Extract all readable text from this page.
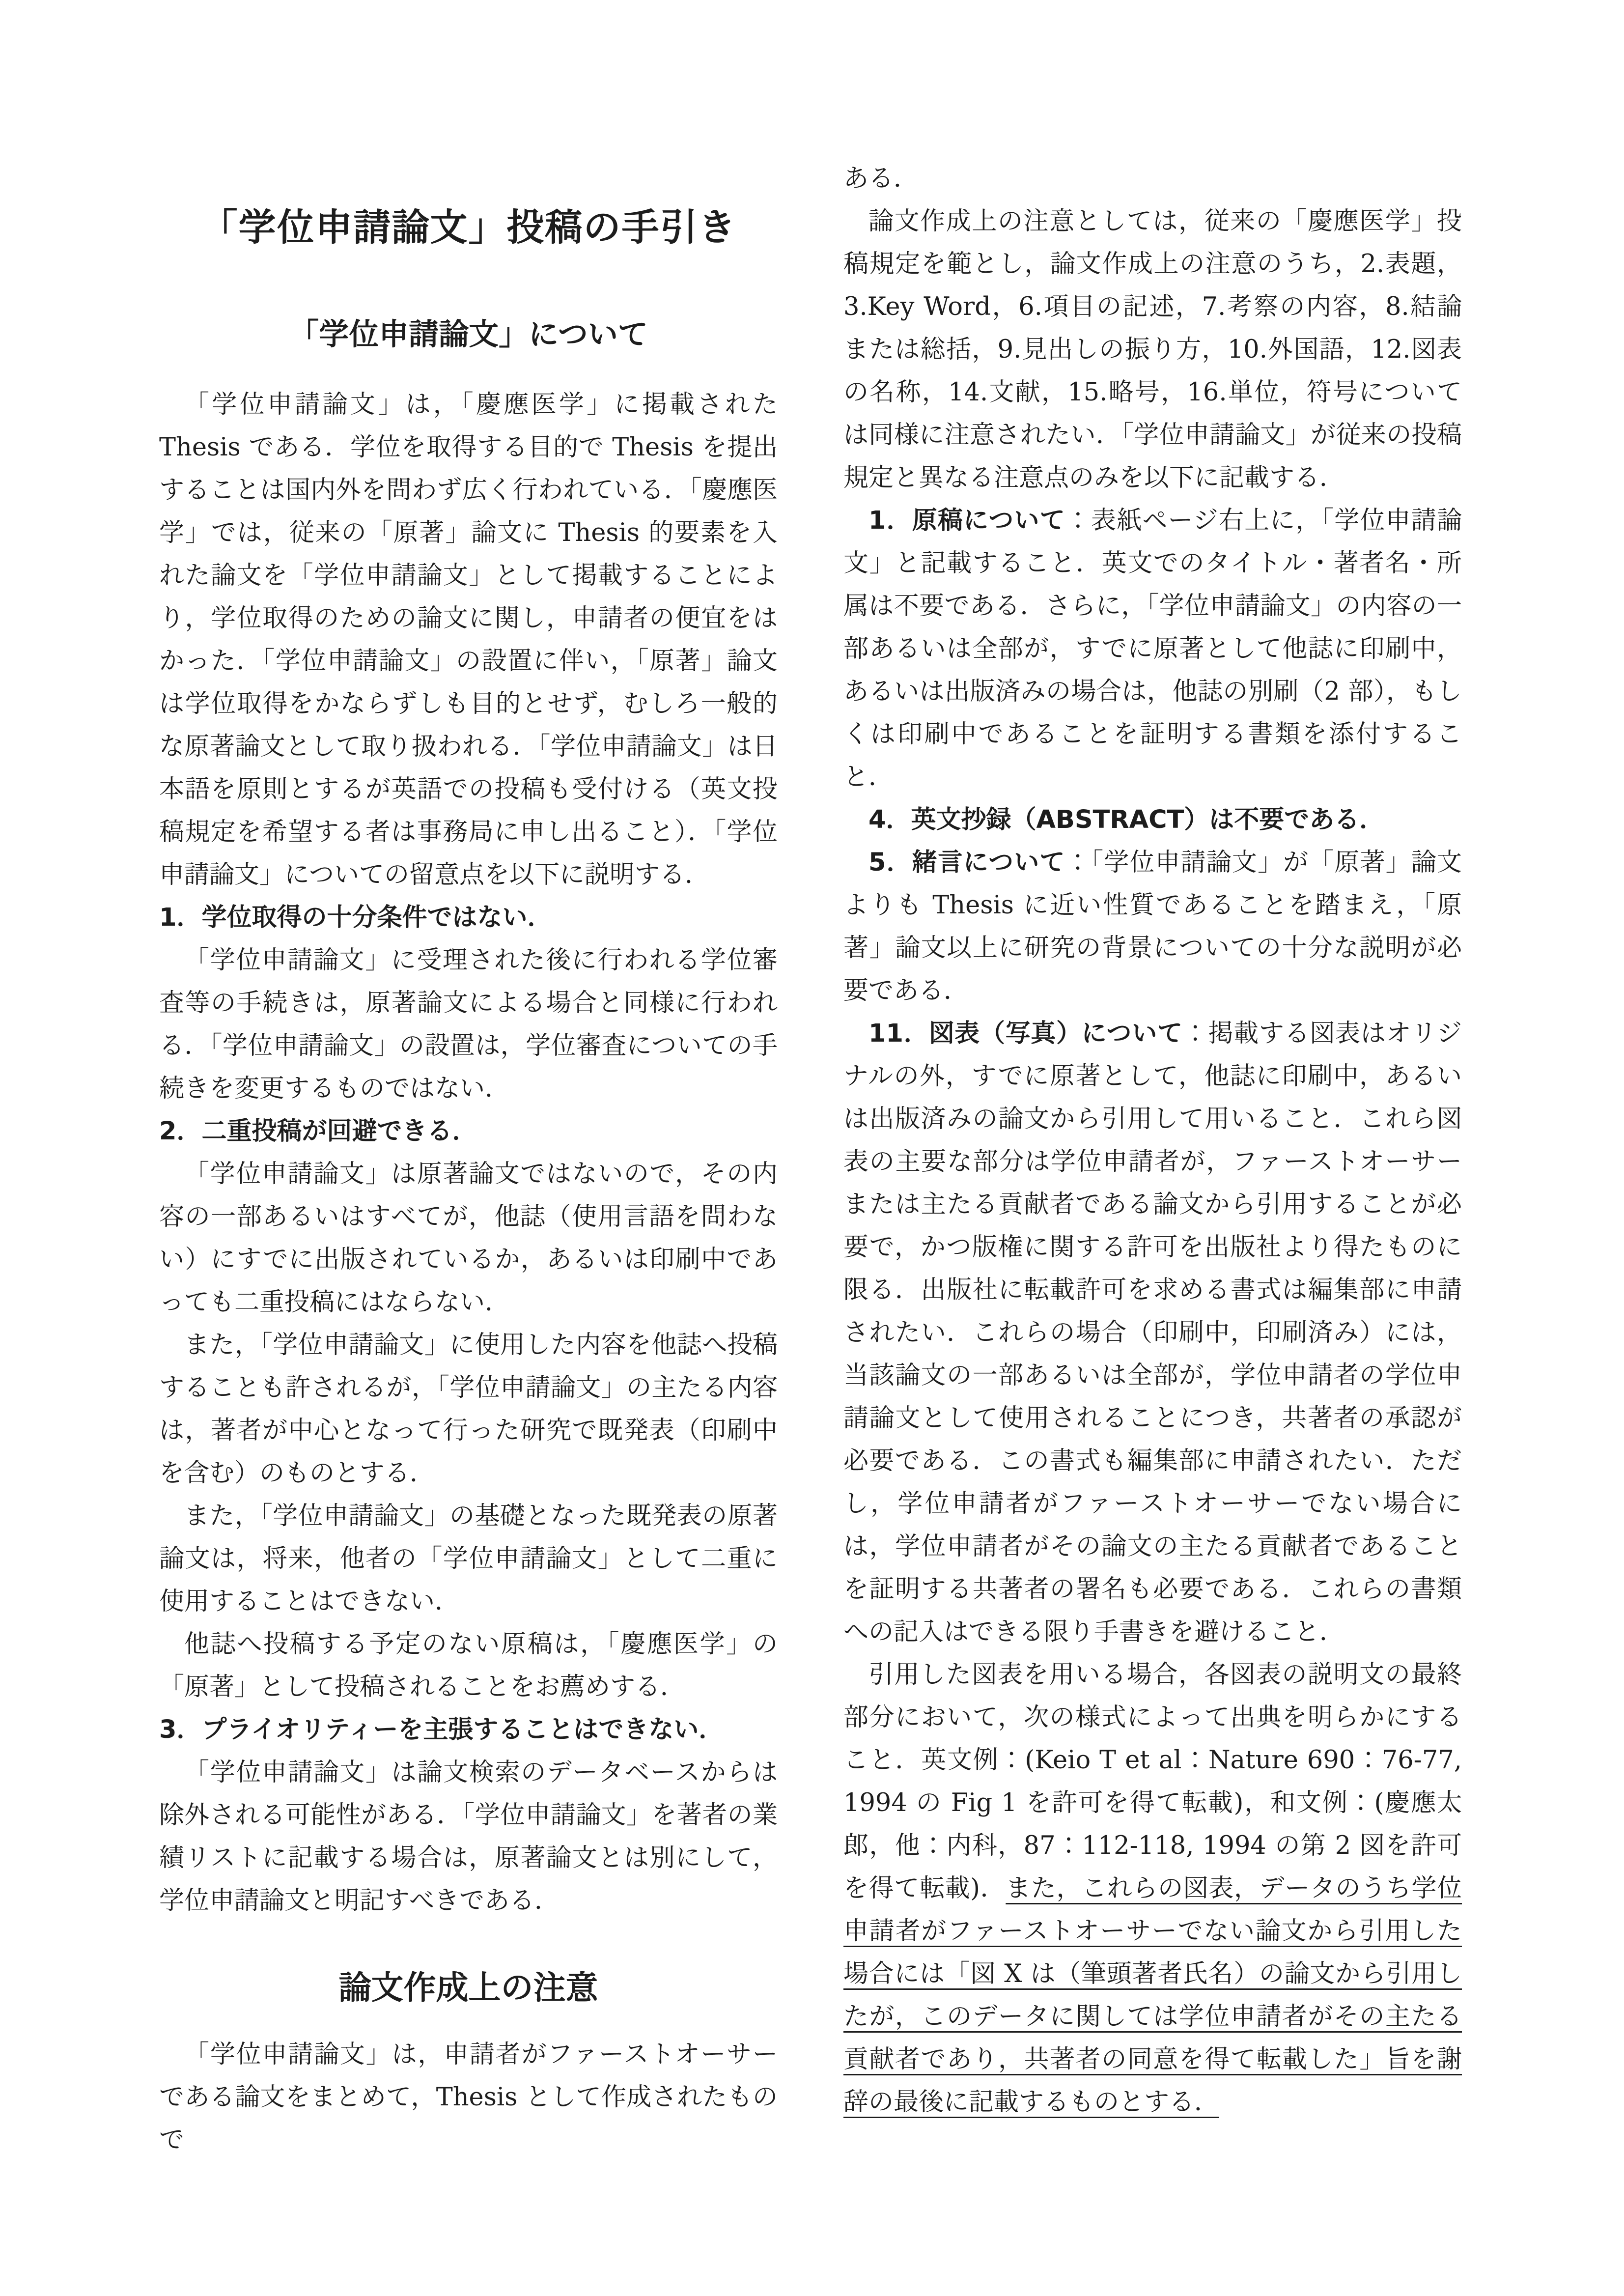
「学位申請論文」投稿の手引き
「学位申請論文」について

「学位申請論文」は，「慶應医学」に掲載された Thesis である．学位を取得する目的で Thesis を提出することは国内外を問わず広く行われている．「慶應医学」では，従来の「原著」論文に Thesis 的要素を入れた論文を「学位申請論文」として掲載することにより，学位取得のための論文に関し，申請者の便宜をはかった．「学位申請論文」の設置に伴い，「原著」論文は学位取得をかならずしも目的とせず，むしろ一般的な原著論文として取り扱われる．「学位申請論文」は日本語を原則とするが英語での投稿も受付ける（英文投稿規定を希望する者は事務局に申し出ること）．「学位申請論文」についての留意点を以下に説明する．

1．学位取得の十分条件ではない．

「学位申請論文」に受理された後に行われる学位審査等の手続きは，原著論文による場合と同様に行われる．「学位申請論文」の設置は，学位審査についての手続きを変更するものではない．

2．二重投稿が回避できる．

「学位申請論文」は原著論文ではないので，その内容の一部あるいはすべてが，他誌（使用言語を問わない）にすでに出版されているか，あるいは印刷中であっても二重投稿にはならない．

また，「学位申請論文」に使用した内容を他誌へ投稿することも許されるが，「学位申請論文」の主たる内容は，著者が中心となって行った研究で既発表（印刷中を含む）のものとする．

また，「学位申請論文」の基礎となった既発表の原著論文は，将来，他者の「学位申請論文」として二重に使用することはできない．

他誌へ投稿する予定のない原稿は，「慶應医学」の「原著」として投稿されることをお薦めする．

3．プライオリティーを主張することはできない．

「学位申請論文」は論文検索のデータベースからは除外される可能性がある．「学位申請論文」を著者の業績リストに記載する場合は，原著論文とは別にして，学位申請論文と明記すべきである．

論文作成上の注意

「学位申請論文」は，申請者がファーストオーサーである論文をまとめて，Thesis として作成されたもので

ある．

論文作成上の注意としては，従来の「慶應医学」投稿規定を範とし，論文作成上の注意のうち，2.表題，3.Key Word，6.項目の記述，7.考察の内容，8.結論または総括，9.見出しの振り方，10.外国語，12.図表の名称，14.文献，15.略号，16.単位，符号については同様に注意されたい．「学位申請論文」が従来の投稿規定と異なる注意点のみを以下に記載する．

1．原稿について：表紙ページ右上に，「学位申請論文」と記載すること．英文でのタイトル・著者名・所属は不要である．さらに，「学位申請論文」の内容の一部あるいは全部が，すでに原著として他誌に印刷中，あるいは出版済みの場合は，他誌の別刷（2 部），もしくは印刷中であることを証明する書類を添付すること．

4．英文抄録（ABSTRACT）は不要である．

5．緒言について：「学位申請論文」が「原著」論文よりも Thesis に近い性質であることを踏まえ，「原著」論文以上に研究の背景についての十分な説明が必要である．

11．図表（写真）について：掲載する図表はオリジナルの外，すでに原著として，他誌に印刷中，あるいは出版済みの論文から引用して用いること．これら図表の主要な部分は学位申請者が，ファーストオーサーまたは主たる貢献者である論文から引用することが必要で，かつ版権に関する許可を出版社より得たものに限る．出版社に転載許可を求める書式は編集部に申請されたい．これらの場合（印刷中，印刷済み）には，当該論文の一部あるいは全部が，学位申請者の学位申請論文として使用されることにつき，共著者の承認が必要である．この書式も編集部に申請されたい．ただし，学位申請者がファーストオーサーでない場合には，学位申請者がその論文の主たる貢献者であることを証明する共著者の署名も必要である．これらの書類への記入はできる限り手書きを避けること．

引用した図表を用いる場合，各図表の説明文の最終部分において，次の様式によって出典を明らかにすること．英文例：(Keio T et al：Nature 690：76-77, 1994 の Fig 1 を許可を得て転載)，和文例：(慶應太郎，他：内科，87：112-118, 1994 の第 2 図を許可を得て転載)．また，これらの図表，データのうち学位申請者がファーストオーサーでない論文から引用した場合には「図 X は（筆頭著者氏名）の論文から引用したが，このデータに関しては学位申請者がその主たる貢献者であり，共著者の同意を得て転載した」旨を謝辞の最後に記載するものとする．
